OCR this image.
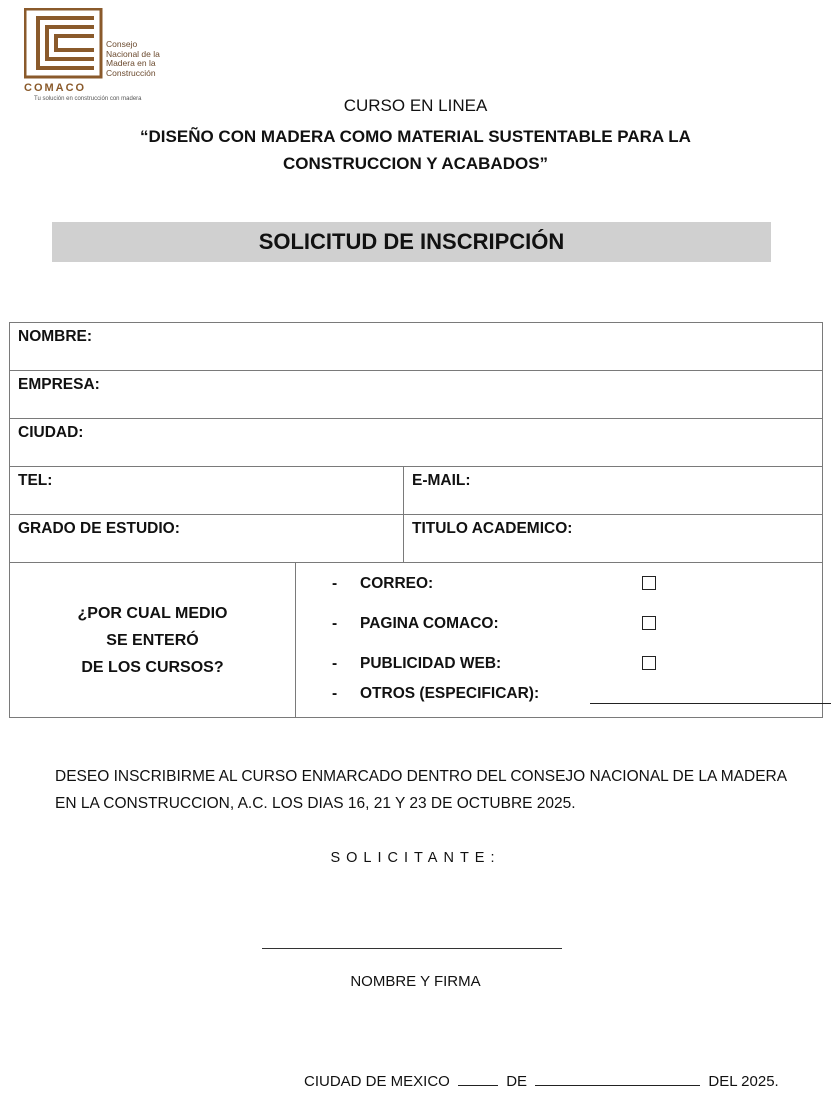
Consejo
Nacional de la
Madera en la
Construcción
COMACO
Tu solución en construcción con madera	CURSO EN LINEA
“DISEÑO CON MADERA COMO MATERIAL SUSTENTABLE PARA LA
CONSTRUCCION Y ACABADOS”
SOLICITUD DE INSCRIPCIÓN
NOMBRE:
EMPRESA:
CIUDAD:
TEL:	E-MAIL:
GRADO DE ESTUDIO:	TITULO ACADEMICO:
¿POR CUAL MEDIO
SE ENTERÓ
DE LOS CURSOS?
- CORREO:
- PAGINA COMACO:
- PUBLICIDAD WEB:
- OTROS (ESPECIFICAR):
DESEO INSCRIBIRME AL CURSO ENMARCADO DENTRO DEL CONSEJO NACIONAL DE LA MADERA EN LA CONSTRUCCION, A.C. LOS DIAS 16, 21 Y 23 DE OCTUBRE 2025.
SOLICITANTE:
NOMBRE Y FIRMA
CIUDAD DE MEXICO	DE	DEL 2025.
